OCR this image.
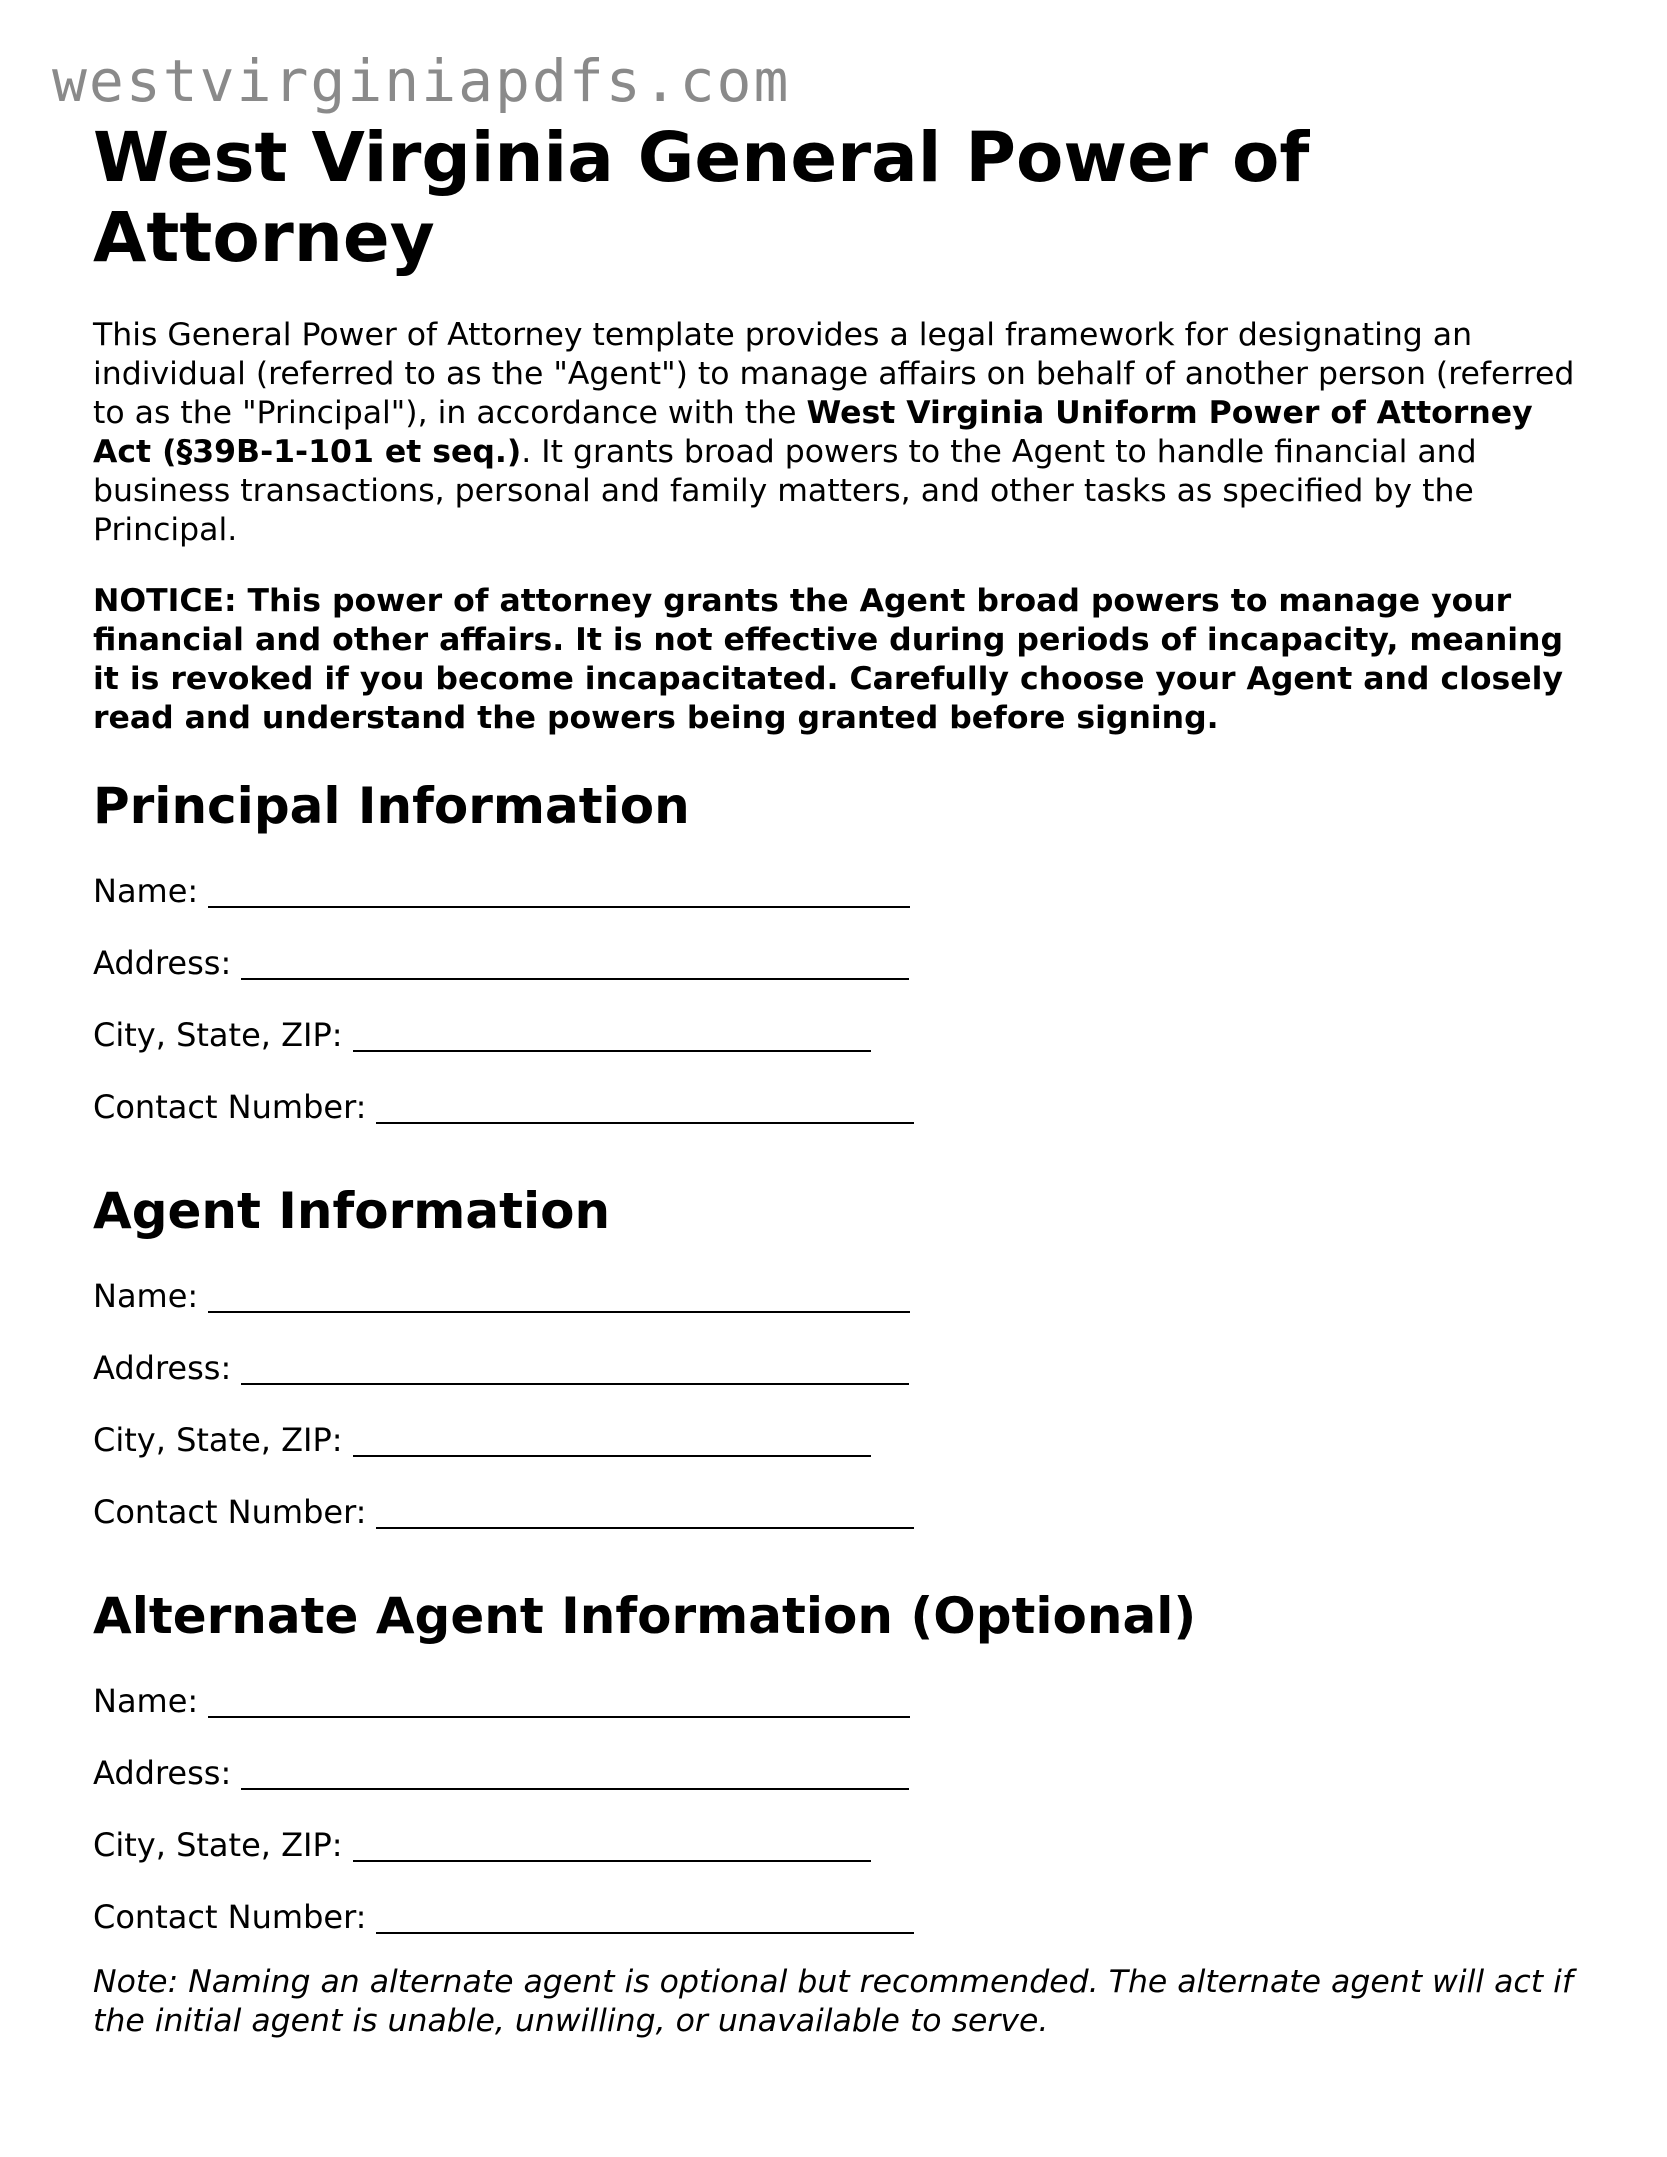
westvirginiapdfs.com
West Virginia General Power of Attorney

This General Power of Attorney template provides a legal framework for designating an individual (referred to as the "Agent") to manage affairs on behalf of another person (referred to as the "Principal"), in accordance with the West Virginia Uniform Power of Attorney Act (§39B-1-101 et seq.). It grants broad powers to the Agent to handle financial and business transactions, personal and family matters, and other tasks as specified by the Principal.

NOTICE: This power of attorney grants the Agent broad powers to manage your financial and other affairs. It is not effective during periods of incapacity, meaning it is revoked if you become incapacitated. Carefully choose your Agent and closely read and understand the powers being granted before signing.

Principal Information
Name:
Address:
City, State, ZIP:
Contact Number:
Agent Information
Name:
Address:
City, State, ZIP:
Contact Number:
Alternate Agent Information (Optional)
Name:
Address:
City, State, ZIP:
Contact Number:

Note: Naming an alternate agent is optional but recommended. The alternate agent will act if the initial agent is unable, unwilling, or unavailable to serve.
